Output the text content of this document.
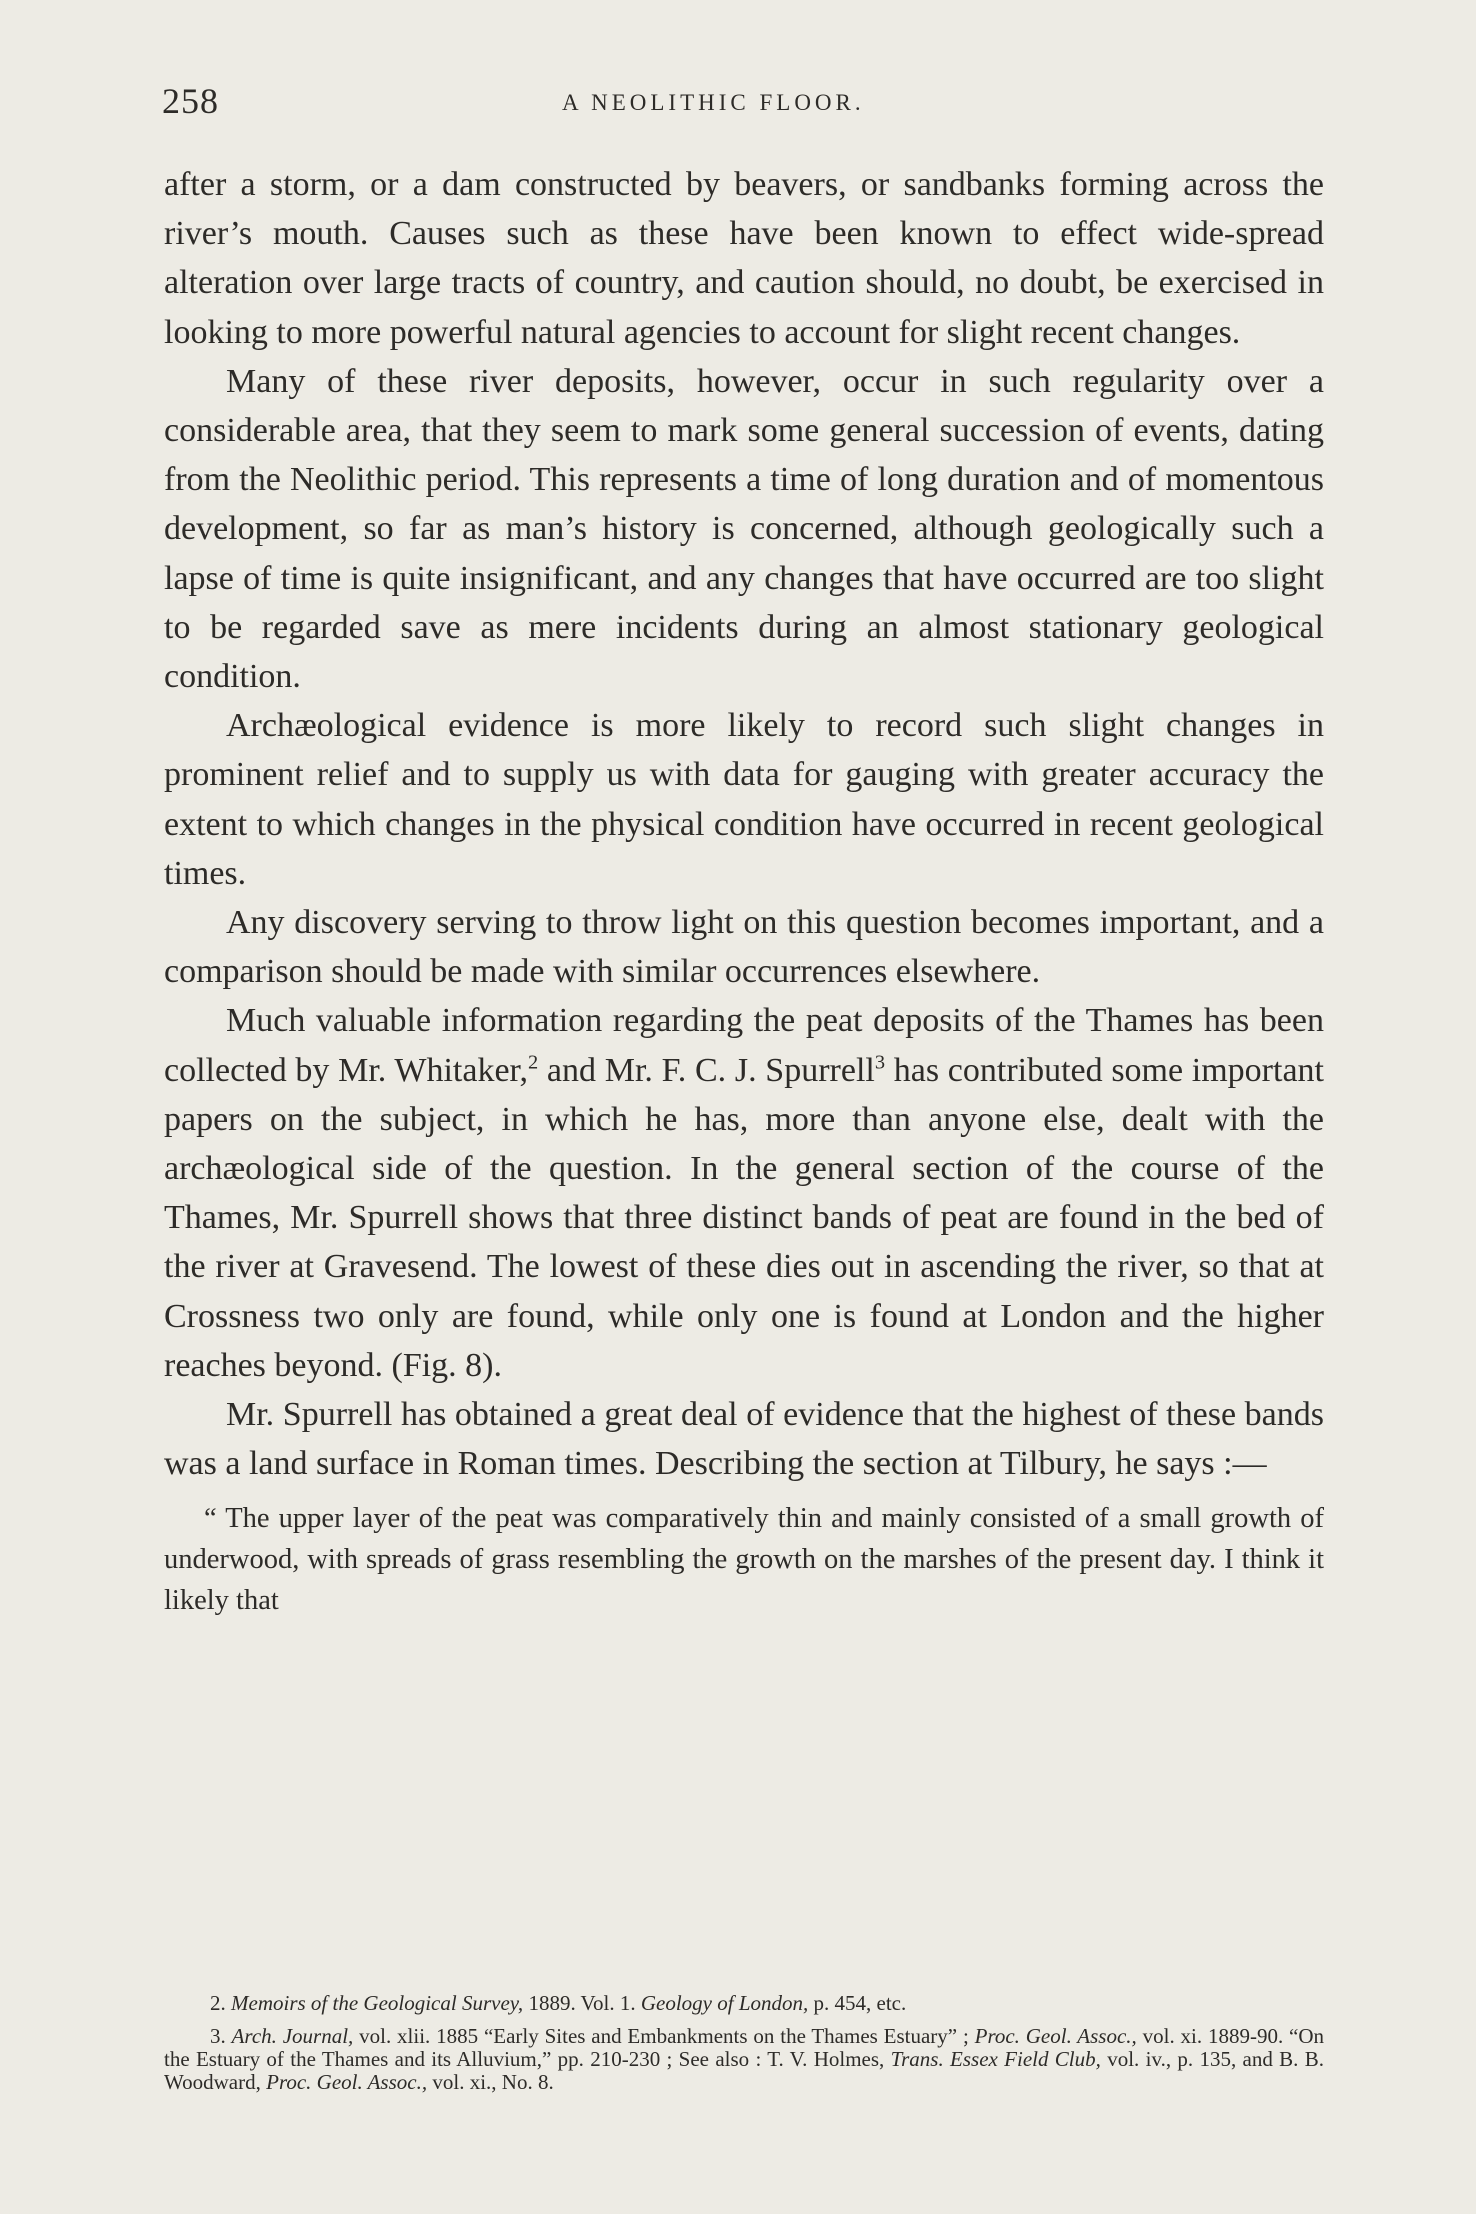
258	A NEOLITHIC FLOOR.

after a storm, or a dam constructed by beavers, or sandbanks forming across the river’s mouth. Causes such as these have been known to effect wide-spread alteration over large tracts of country, and caution should, no doubt, be exercised in looking to more powerful natural agencies to account for slight recent changes.

Many of these river deposits, however, occur in such regularity over a considerable area, that they seem to mark some general succession of events, dating from the Neolithic period. This represents a time of long duration and of momentous development, so far as man’s history is concerned, although geologically such a lapse of time is quite insignificant, and any changes that have occurred are too slight to be regarded save as mere incidents during an almost stationary geological condition.

Archæological evidence is more likely to record such slight changes in prominent relief and to supply us with data for gauging with greater accuracy the extent to which changes in the physical condition have occurred in recent geological times.

Any discovery serving to throw light on this question becomes important, and a comparison should be made with similar occurrences elsewhere.

Much valuable information regarding the peat deposits of the Thames has been collected by Mr. Whitaker,$^2$ and Mr. F. C. J. Spurrell$^3$ has contributed some important papers on the subject, in which he has, more than anyone else, dealt with the archæological side of the question. In the general section of the course of the Thames, Mr. Spurrell shows that three distinct bands of peat are found in the bed of the river at Gravesend. The lowest of these dies out in ascending the river, so that at Crossness two only are found, while only one is found at London and the higher reaches beyond. (Fig. 8).

Mr. Spurrell has obtained a great deal of evidence that the highest of these bands was a land surface in Roman times. Describing the section at Tilbury, he says :—

“ The upper layer of the peat was comparatively thin and mainly consisted of a small growth of underwood, with spreads of grass resembling the growth on the marshes of the present day. I think it likely that

2. Memoirs of the Geological Survey, 1889. Vol. 1. Geology of London, p. 454, etc.

3. Arch. Journal, vol. xlii. 1885 “Early Sites and Embankments on the Thames Estuary” ; Proc. Geol. Assoc., vol. xi. 1889-90. “On the Estuary of the Thames and its Alluvium,” pp. 210-230 ; See also : T. V. Holmes, Trans. Essex Field Club, vol. iv., p. 135, and B. B. Woodward, Proc. Geol. Assoc., vol. xi., No. 8.
